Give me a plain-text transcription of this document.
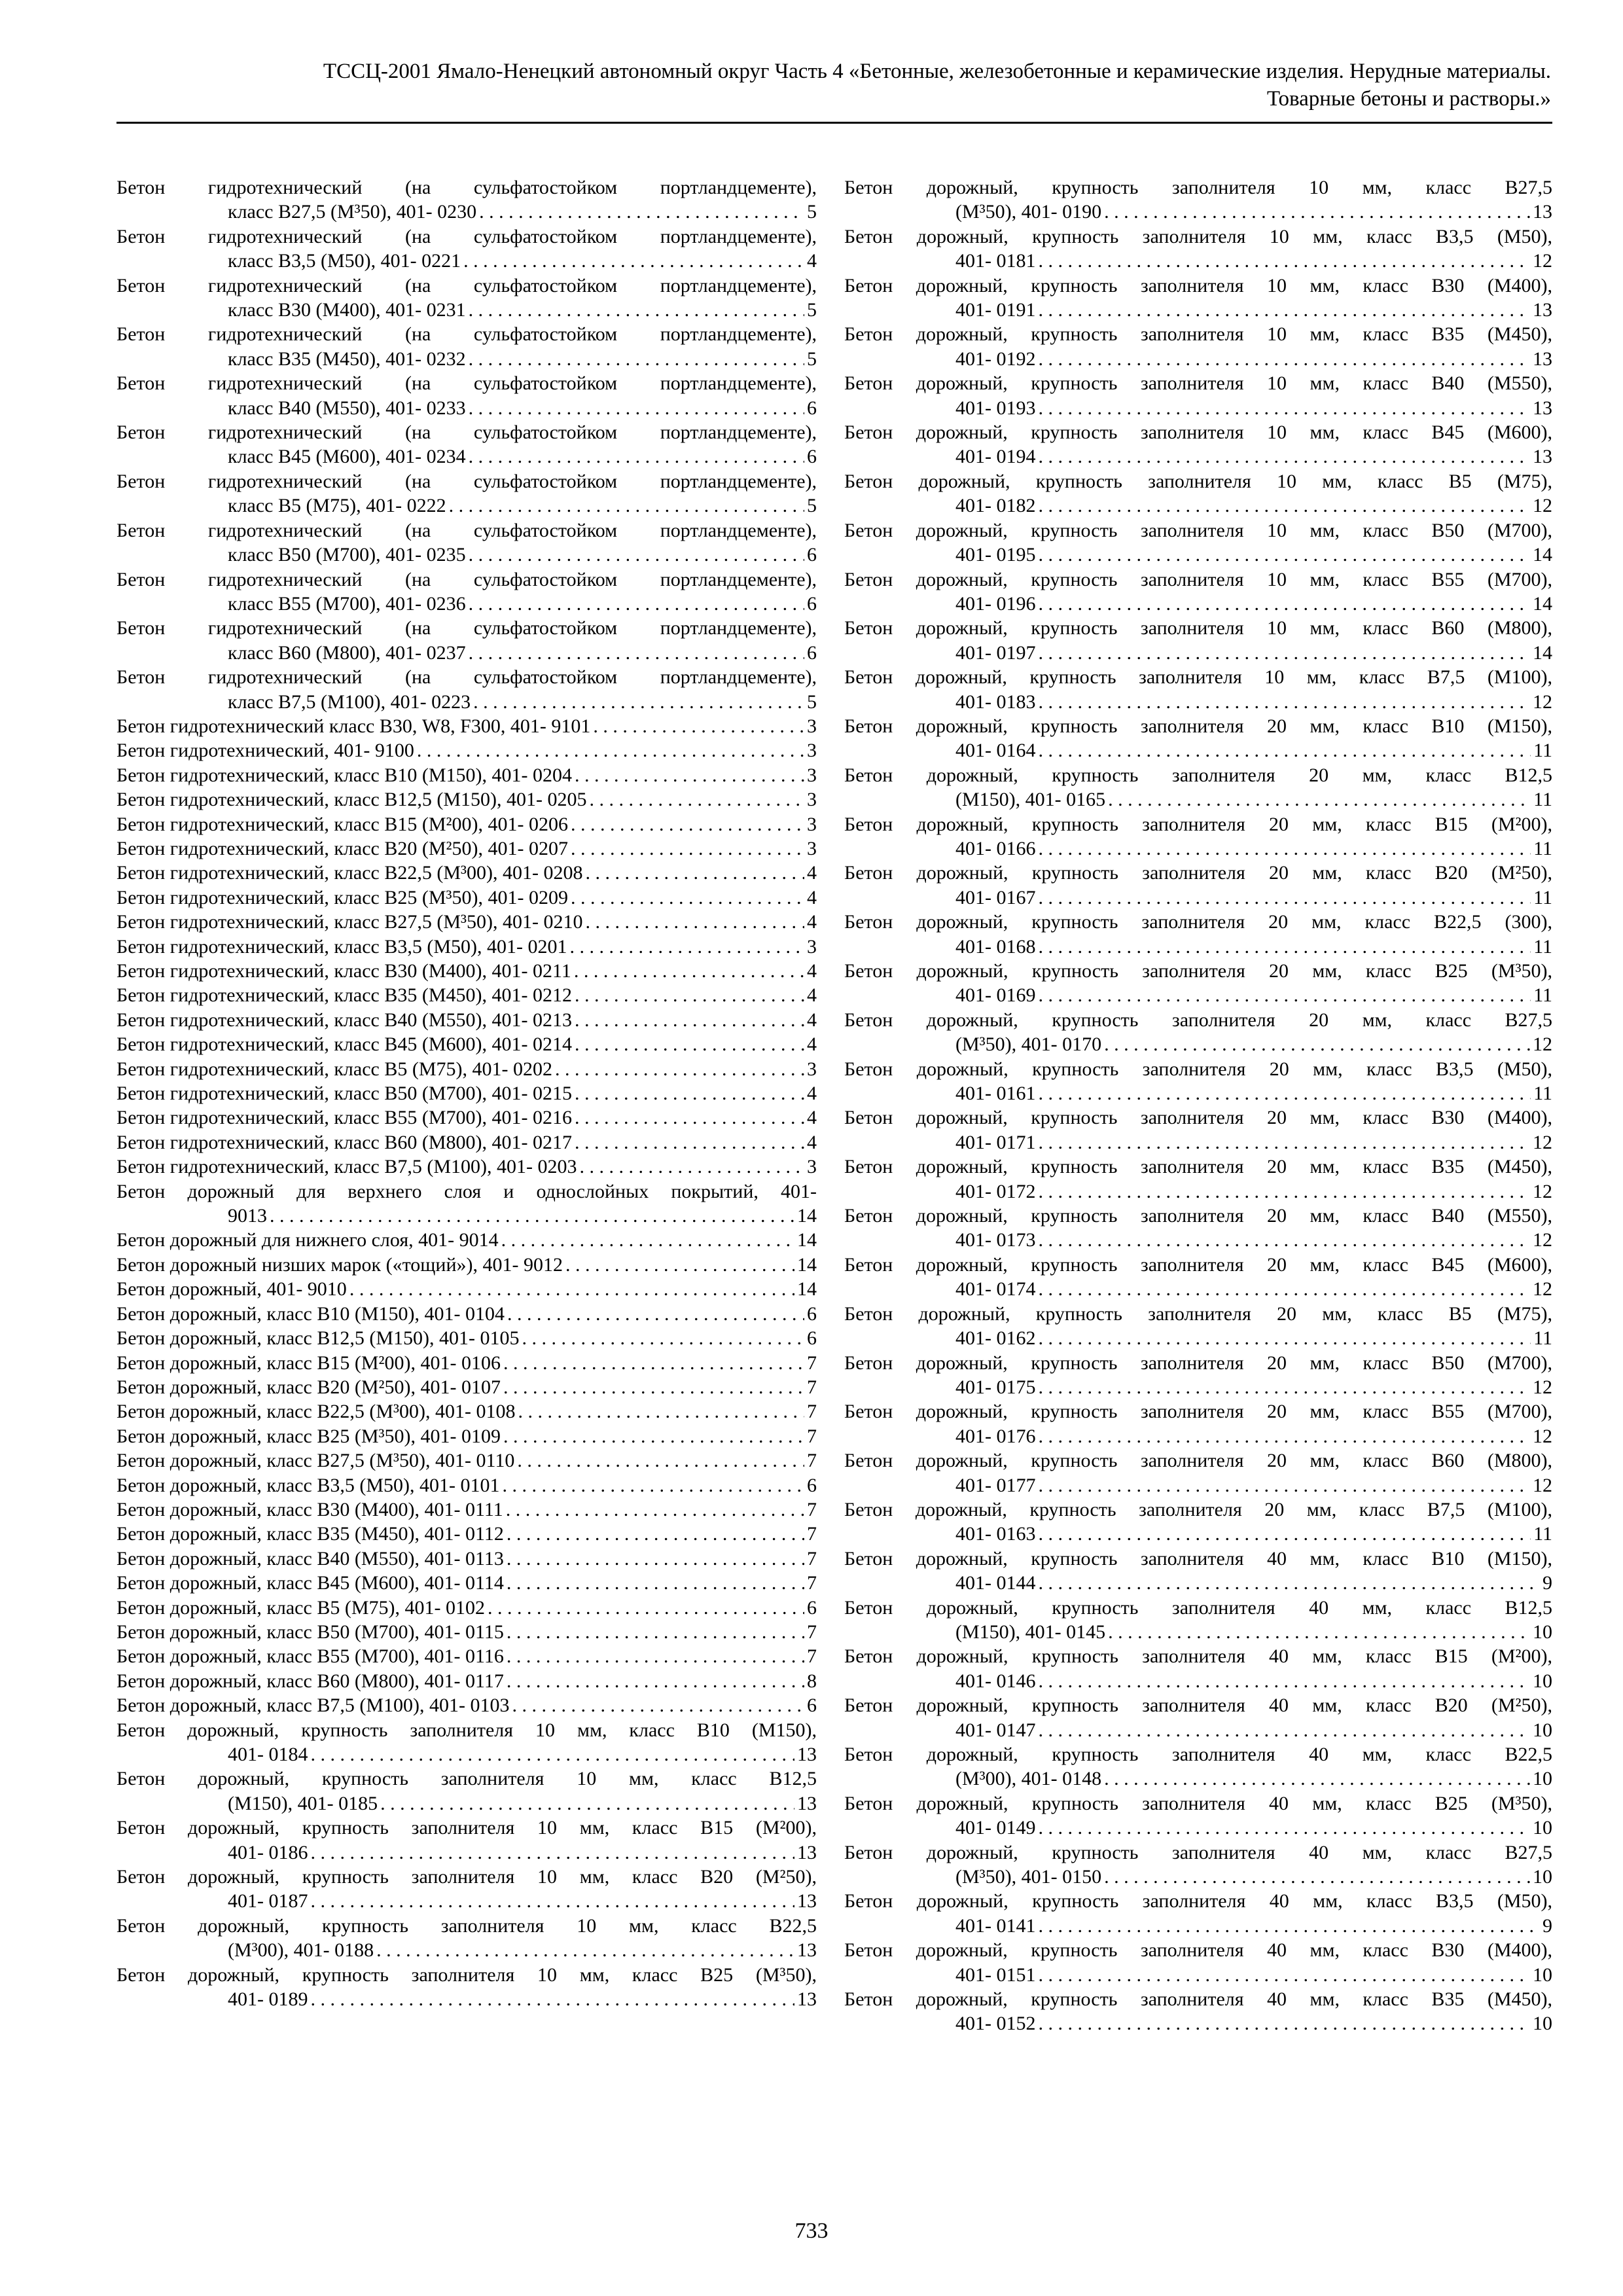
ТССЦ-2001 Ямало-Ненецкий автономный округ Часть 4 «Бетонные, железобетонные и керамические изделия. Нерудные материалы.
Товарные бетоны и растворы.»
Бетон гидротехнический (на сульфатостойком портландцементе),
класс В27,5 (М³50), 401- 0230 . . .	5
Бетон гидротехнический (на сульфатостойком портландцементе),
класс В3,5 (М50), 401- 0221 . . .	4
Бетон гидротехнический (на сульфатостойком портландцементе),
класс В30 (М400), 401- 0231 . . .	5
Бетон гидротехнический (на сульфатостойком портландцементе),
класс В35 (М450), 401- 0232 . . .	5
Бетон гидротехнический (на сульфатостойком портландцементе),
класс В40 (М550), 401- 0233 . . .	6
Бетон гидротехнический (на сульфатостойком портландцементе),
класс В45 (М600), 401- 0234 . . .	6
Бетон гидротехнический (на сульфатостойком портландцементе),
класс В5 (М75), 401- 0222 . . .	5
Бетон гидротехнический (на сульфатостойком портландцементе),
класс В50 (М700), 401- 0235 . . .	6
Бетон гидротехнический (на сульфатостойком портландцементе),
класс В55 (М700), 401- 0236 . . .	6
Бетон гидротехнический (на сульфатостойком портландцементе),
класс В60 (М800), 401- 0237 . . .	6
Бетон гидротехнический (на сульфатостойком портландцементе),
класс В7,5 (М100), 401- 0223 . . .	5
Бетон гидротехнический класс В30, W8, F300, 401- 9101 . . .	3
Бетон гидротехнический, 401- 9100 . . .	3
Бетон гидротехнический, класс В10 (М150), 401- 0204 . . .	3
Бетон гидротехнический, класс В12,5 (М150), 401- 0205 . . .	3
Бетон гидротехнический, класс В15 (М²00), 401- 0206 . . .	3
Бетон гидротехнический, класс В20 (М²50), 401- 0207 . . .	3
Бетон гидротехнический, класс В22,5 (М³00), 401- 0208 . . .	4
Бетон гидротехнический, класс В25 (М³50), 401- 0209 . . .	4
Бетон гидротехнический, класс В27,5 (М³50), 401- 0210 . . .	4
Бетон гидротехнический, класс В3,5 (М50), 401- 0201 . . .	3
Бетон гидротехнический, класс В30 (М400), 401- 0211 . . .	4
Бетон гидротехнический, класс В35 (М450), 401- 0212 . . .	4
Бетон гидротехнический, класс В40 (М550), 401- 0213 . . .	4
Бетон гидротехнический, класс В45 (М600), 401- 0214 . . .	4
Бетон гидротехнический, класс В5 (М75), 401- 0202 . . .	3
Бетон гидротехнический, класс В50 (М700), 401- 0215 . . .	4
Бетон гидротехнический, класс В55 (М700), 401- 0216 . . .	4
Бетон гидротехнический, класс В60 (М800), 401- 0217 . . .	4
Бетон гидротехнический, класс В7,5 (М100), 401- 0203 . . .	3
Бетон дорожный для верхнего слоя и однослойных покрытий, 401-
9013 . . .	14
Бетон дорожный для нижнего слоя, 401- 9014 . . .	14
Бетон дорожный низших марок («тощий»), 401- 9012 . . .	14
Бетон дорожный, 401- 9010 . . .	14
Бетон дорожный, класс В10 (М150), 401- 0104 . . .	6
Бетон дорожный, класс В12,5 (М150), 401- 0105 . . .	6
Бетон дорожный, класс В15 (М²00), 401- 0106 . . .	7
Бетон дорожный, класс В20 (М²50), 401- 0107 . . .	7
Бетон дорожный, класс В22,5 (М³00), 401- 0108 . . .	7
Бетон дорожный, класс В25 (М³50), 401- 0109 . . .	7
Бетон дорожный, класс В27,5 (М³50), 401- 0110 . . .	7
Бетон дорожный, класс В3,5 (М50), 401- 0101 . . .	6
Бетон дорожный, класс В30 (М400), 401- 0111 . . .	7
Бетон дорожный, класс В35 (М450), 401- 0112 . . .	7
Бетон дорожный, класс В40 (М550), 401- 0113 . . .	7
Бетон дорожный, класс В45 (М600), 401- 0114 . . .	7
Бетон дорожный, класс В5 (М75), 401- 0102 . . .	6
Бетон дорожный, класс В50 (М700), 401- 0115 . . .	7
Бетон дорожный, класс В55 (М700), 401- 0116 . . .	7
Бетон дорожный, класс В60 (М800), 401- 0117 . . .	8
Бетон дорожный, класс В7,5 (М100), 401- 0103 . . .	6
Бетон дорожный, крупность заполнителя 10 мм, класс В10 (М150),
401- 0184 . . .	13
Бетон дорожный, крупность заполнителя 10 мм, класс В12,5
(М150), 401- 0185 . . .	13
Бетон дорожный, крупность заполнителя 10 мм, класс В15 (М²00),
401- 0186 . . .	13
Бетон дорожный, крупность заполнителя 10 мм, класс В20 (М²50),
401- 0187 . . .	13
Бетон дорожный, крупность заполнителя 10 мм, класс В22,5
(М³00), 401- 0188 . . .	13
Бетон дорожный, крупность заполнителя 10 мм, класс В25 (М³50),
401- 0189 . . .	13
Бетон дорожный, крупность заполнителя 10 мм, класс В27,5
(М³50), 401- 0190 . . .	13
Бетон дорожный, крупность заполнителя 10 мм, класс В3,5 (М50),
401- 0181 . . .	12
Бетон дорожный, крупность заполнителя 10 мм, класс В30 (М400),
401- 0191 . . .	13
Бетон дорожный, крупность заполнителя 10 мм, класс В35 (М450),
401- 0192 . . .	13
Бетон дорожный, крупность заполнителя 10 мм, класс В40 (М550),
401- 0193 . . .	13
Бетон дорожный, крупность заполнителя 10 мм, класс В45 (М600),
401- 0194 . . .	13
Бетон дорожный, крупность заполнителя 10 мм, класс В5 (М75),
401- 0182 . . .	12
Бетон дорожный, крупность заполнителя 10 мм, класс В50 (М700),
401- 0195 . . .	14
Бетон дорожный, крупность заполнителя 10 мм, класс В55 (М700),
401- 0196 . . .	14
Бетон дорожный, крупность заполнителя 10 мм, класс В60 (М800),
401- 0197 . . .	14
Бетон дорожный, крупность заполнителя 10 мм, класс В7,5 (М100),
401- 0183 . . .	12
Бетон дорожный, крупность заполнителя 20 мм, класс В10 (М150),
401- 0164 . . .	11
Бетон дорожный, крупность заполнителя 20 мм, класс В12,5
(М150), 401- 0165 . . .	11
Бетон дорожный, крупность заполнителя 20 мм, класс В15 (М²00),
401- 0166 . . .	11
Бетон дорожный, крупность заполнителя 20 мм, класс В20 (М²50),
401- 0167 . . .	11
Бетон дорожный, крупность заполнителя 20 мм, класс В22,5 (300),
401- 0168 . . .	11
Бетон дорожный, крупность заполнителя 20 мм, класс В25 (М³50),
401- 0169 . . .	11
Бетон дорожный, крупность заполнителя 20 мм, класс В27,5
(М³50), 401- 0170 . . .	12
Бетон дорожный, крупность заполнителя 20 мм, класс В3,5 (М50),
401- 0161 . . .	11
Бетон дорожный, крупность заполнителя 20 мм, класс В30 (М400),
401- 0171 . . .	12
Бетон дорожный, крупность заполнителя 20 мм, класс В35 (М450),
401- 0172 . . .	12
Бетон дорожный, крупность заполнителя 20 мм, класс В40 (М550),
401- 0173 . . .	12
Бетон дорожный, крупность заполнителя 20 мм, класс В45 (М600),
401- 0174 . . .	12
Бетон дорожный, крупность заполнителя 20 мм, класс В5 (М75),
401- 0162 . . .	11
Бетон дорожный, крупность заполнителя 20 мм, класс В50 (М700),
401- 0175 . . .	12
Бетон дорожный, крупность заполнителя 20 мм, класс В55 (М700),
401- 0176 . . .	12
Бетон дорожный, крупность заполнителя 20 мм, класс В60 (М800),
401- 0177 . . .	12
Бетон дорожный, крупность заполнителя 20 мм, класс В7,5 (М100),
401- 0163 . . .	11
Бетон дорожный, крупность заполнителя 40 мм, класс В10 (М150),
401- 0144 . . .	9
Бетон дорожный, крупность заполнителя 40 мм, класс В12,5
(М150), 401- 0145 . . .	10
Бетон дорожный, крупность заполнителя 40 мм, класс В15 (М²00),
401- 0146 . . .	10
Бетон дорожный, крупность заполнителя 40 мм, класс В20 (М²50),
401- 0147 . . .	10
Бетон дорожный, крупность заполнителя 40 мм, класс В22,5
(М³00), 401- 0148 . . .	10
Бетон дорожный, крупность заполнителя 40 мм, класс В25 (М³50),
401- 0149 . . .	10
Бетон дорожный, крупность заполнителя 40 мм, класс В27,5
(М³50), 401- 0150 . . .	10
Бетон дорожный, крупность заполнителя 40 мм, класс В3,5 (М50),
401- 0141 . . .	9
Бетон дорожный, крупность заполнителя 40 мм, класс В30 (М400),
401- 0151 . . .	10
Бетон дорожный, крупность заполнителя 40 мм, класс В35 (М450),
401- 0152 . . .	10
733
